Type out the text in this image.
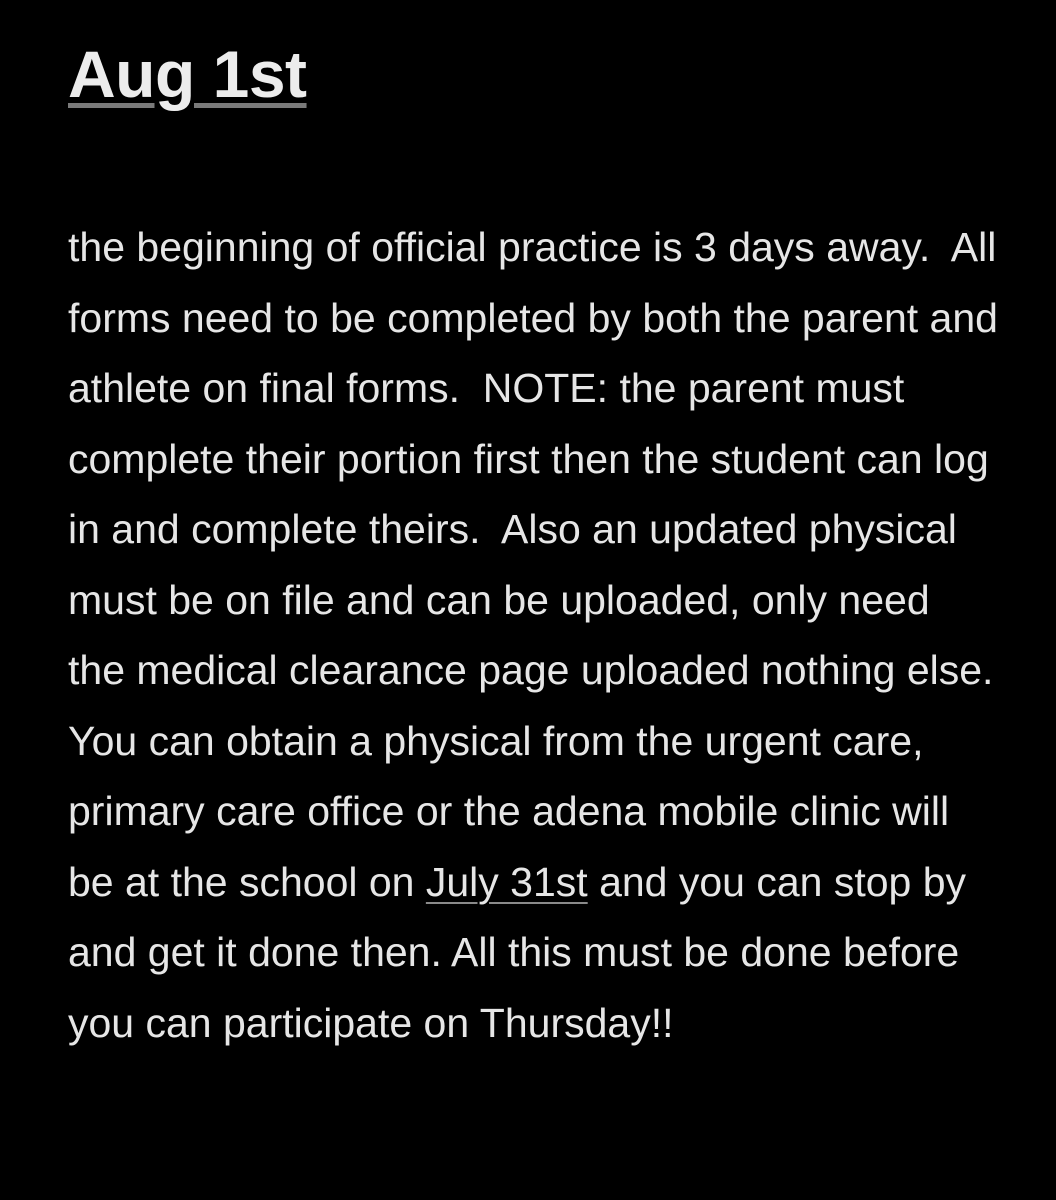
Aug 1st

the beginning of official practice is 3 days away.  All forms need to be completed by both the parent and athlete on final forms.  NOTE: the parent must complete their portion first then the student can log in and complete theirs.  Also an updated physical must be on file and can be uploaded, only need the medical clearance page uploaded nothing else.  You can obtain a physical from the urgent care, primary care office or the adena mobile clinic will be at the school on July 31st and you can stop by and get it done then. All this must be done before you can participate on Thursday!!
